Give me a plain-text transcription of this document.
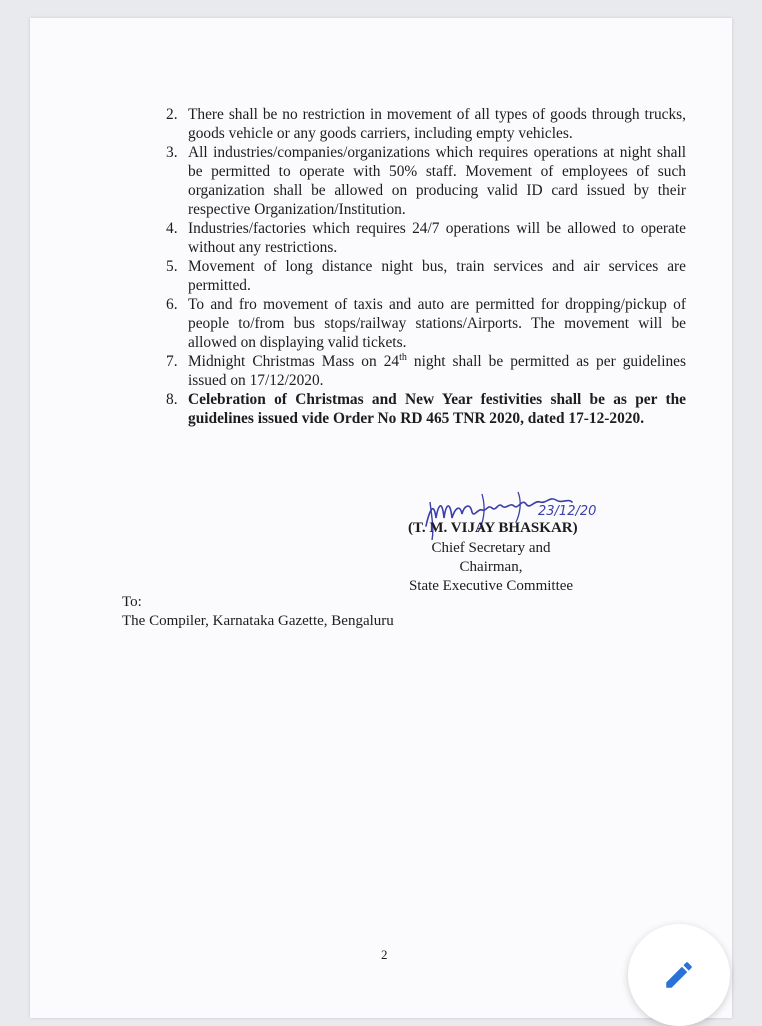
2. There shall be no restriction in movement of all types of goods through trucks, goods vehicle or any goods carriers, including empty vehicles.
3. All industries/companies/organizations which requires operations at night shall be permitted to operate with 50% staff. Movement of employees of such organization shall be allowed on producing valid ID card issued by their respective Organization/Institution.
4. Industries/factories which requires 24/7 operations will be allowed to operate without any restrictions.
5. Movement of long distance night bus, train services and air services are permitted.
6. To and fro movement of taxis and auto are permitted for dropping/pickup of people to/from bus stops/railway stations/Airports. The movement will be allowed on displaying valid tickets.
7. Midnight Christmas Mass on 24th night shall be permitted as per guidelines issued on 17/12/2020.
8. Celebration of Christmas and New Year festivities shall be as per the guidelines issued vide Order No RD 465 TNR 2020, dated 17-12-2020.
23/12/20
(T. M. VIJAY BHASKAR)
Chief Secretary and Chairman,
State Executive Committee
To:
The Compiler, Karnataka Gazette, Bengaluru
2
